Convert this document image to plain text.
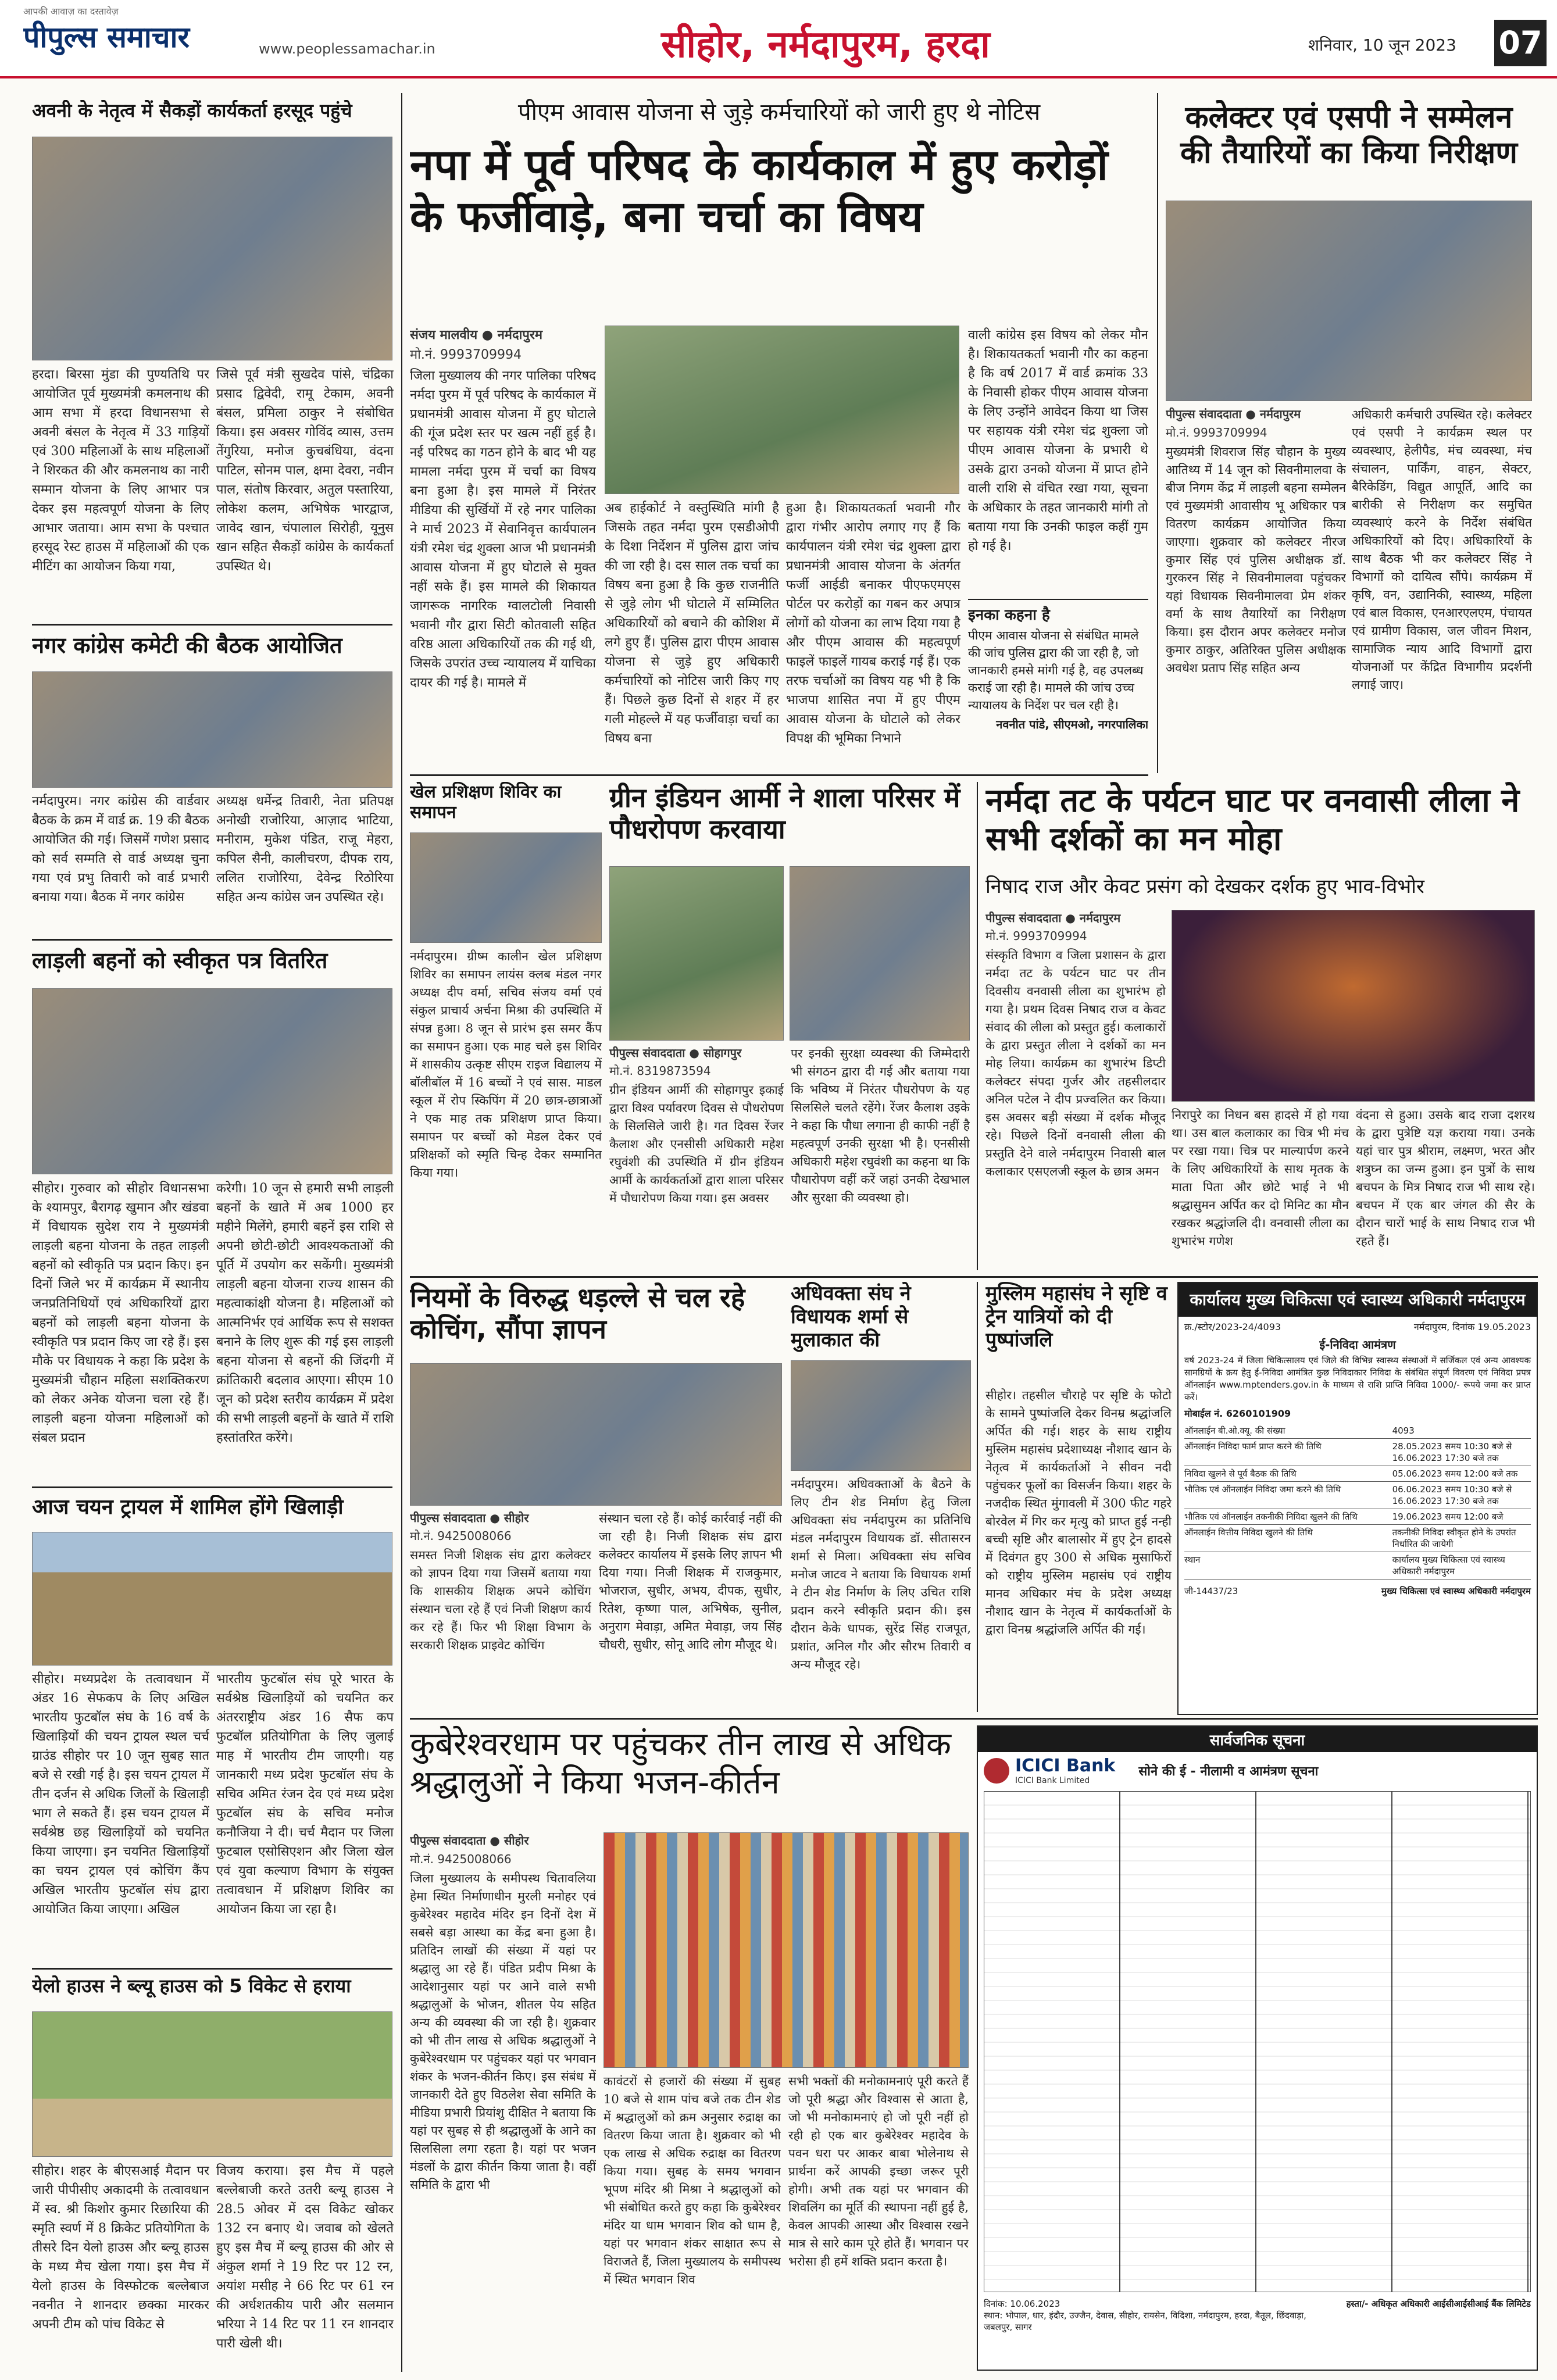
पीपुल्स समाचार
आपकी आवाज़ का दस्तावेज़
www.peoplessamachar.in	सीहोर, नर्मदापुरम, हरदा	शनिवार, 10 जून 2023	07
अवनी के नेतृत्व में सैकड़ों कार्यकर्ता हरसूद पहुंचे
हरदा। बिरसा मुंडा की पुण्यतिथि पर आयोजित पूर्व मुख्यमंत्री कमलनाथ की आम सभा में हरदा विधानसभा से अवनी बंसल के नेतृत्व में 33 गाड़ियों एवं 300 महिलाओं के साथ महिलाओं ने शिरकत की और कमलनाथ का नारी सम्मान योजना के लिए आभार पत्र देकर इस महत्वपूर्ण योजना के लिए आभार जताया। आम सभा के पश्चात हरसूद रेस्ट हाउस में महिलाओं की एक मीटिंग का आयोजन किया गया,
जिसे पूर्व मंत्री सुखदेव पांसे, चंद्रिका प्रसाद द्विवेदी, रामू टेकाम, अवनी बंसल, प्रमिला ठाकुर ने संबोधित किया। इस अवसर गोविंद व्यास, उत्तम तेंगुरिया, मनोज कुचबंधिया, वंदना पाटिल, सोनम पाल, क्षमा देवरा, नवीन पाल, संतोष किरवार, अतुल पस्तारिया, लोकेश कलम, अभिषेक भारद्वाज, जावेद खान, चंपालाल सिरोही, यूनुस खान सहित सैकड़ों कांग्रेस के कार्यकर्ता उपस्थित थे।
नगर कांग्रेस कमेटी की बैठक आयोजित
नर्मदापुरम। नगर कांग्रेस की वार्डवार बैठक के क्रम में वार्ड क्र. 19 की बैठक आयोजित की गई। जिसमें गणेश प्रसाद को सर्व सम्मति से वार्ड अध्यक्ष चुना गया एवं प्रभु तिवारी को वार्ड प्रभारी बनाया गया। बैठक में नगर कांग्रेस
अध्यक्ष धर्मेन्द्र तिवारी, नेता प्रतिपक्ष अनोखी राजोरिया, आज़ाद भाटिया, मनीराम, मुकेश पंडित, राजू मेहरा, कपिल सैनी, कालीचरण, दीपक राय, ललित राजोरिया, देवेन्द्र रिठोरिया सहित अन्य कांग्रेस जन उपस्थित रहे।
लाड़ली बहनों को स्वीकृत पत्र वितरित
सीहोर। गुरुवार को सीहोर विधानसभा के श्यामपुर, बैरागढ़ खुमान और खंडवा में विधायक सुदेश राय ने मुख्यमंत्री लाड़ली बहना योजना के तहत लाड़ली बहनों को स्वीकृति पत्र प्रदान किए। इन दिनों जिले भर में कार्यक्रम में स्थानीय जनप्रतिनिधियों एवं अधिकारियों द्वारा बहनों को लाड़ली बहना योजना के स्वीकृति पत्र प्रदान किए जा रहे हैं। इस मौके पर विधायक ने कहा कि प्रदेश के मुख्यमंत्री चौहान महिला सशक्तिकरण को लेकर अनेक योजना चला रहे हैं। लाड़ली बहना योजना महिलाओं को संबल प्रदान
करेगी। 10 जून से हमारी सभी लाड़ली बहनों के खाते में अब 1000 हर महीने मिलेंगे, हमारी बहनें इस राशि से अपनी छोटी-छोटी आवश्यकताओं की पूर्ति में उपयोग कर सकेंगी। मुख्यमंत्री लाड़ली बहना योजना राज्य शासन की महत्वाकांक्षी योजना है। महिलाओं को आत्मनिर्भर एवं आर्थिक रूप से सशक्त बनाने के लिए शुरू की गई इस लाड़ली बहना योजना से बहनों की जिंदगी में क्रांतिकारी बदलाव आएगा। सीएम 10 जून को प्रदेश स्तरीय कार्यक्रम में प्रदेश की सभी लाड़ली बहनों के खाते में राशि हस्तांतरित करेंगे।
आज चयन ट्रायल में शामिल होंगे खिलाड़ी
सीहोर। मध्यप्रदेश के तत्वावधान में अंडर 16 सेफकप के लिए अखिल भारतीय फुटबॉल संघ के 16 वर्ष के खिलाड़ियों की चयन ट्रायल स्थल चर्च ग्राउंड सीहोर पर 10 जून सुबह सात बजे से रखी गई है। इस चयन ट्रायल में तीन दर्जन से अधिक जिलों के खिलाड़ी भाग ले सकते हैं। इस चयन ट्रायल में सर्वश्रेष्ठ छह खिलाड़ियों को चयनित किया जाएगा। इन चयनित खिलाड़ियों का चयन ट्रायल एवं कोचिंग कैंप अखिल भारतीय फुटबॉल संघ द्वारा आयोजित किया जाएगा। अखिल
भारतीय फुटबॉल संघ पूरे भारत के सर्वश्रेष्ठ खिलाड़ियों को चयनित कर अंतरराष्ट्रीय अंडर 16 सैफ कप फुटबॉल प्रतियोगिता के लिए जुलाई माह में भारतीय टीम जाएगी। यह जानकारी मध्य प्रदेश फुटबॉल संघ के सचिव अमित रंजन देव एवं मध्य प्रदेश फुटबॉल संघ के सचिव मनोज कनौजिया ने दी। चर्च मैदान पर जिला फुटबाल एसोसिएशन और जिला खेल एवं युवा कल्याण विभाग के संयुक्त तत्वावधान में प्रशिक्षण शिविर का आयोजन किया जा रहा है।
येलो हाउस ने ब्ल्यू हाउस को 5 विकेट से हराया
सीहोर। शहर के बीएसआई मैदान पर जारी पीपीसीए अकादमी के तत्वावधान में स्व. श्री किशोर कुमार रिछारिया की स्मृति स्वर्ण में 8 क्रिकेट प्रतियोगिता के तीसरे दिन येलो हाउस और ब्ल्यू हाउस के मध्य मैच खेला गया। इस मैच में येलो हाउस के विस्फोटक बल्लेबाज नवनीत ने शानदार छक्का मारकर अपनी टीम को पांच विकेट से
विजय कराया। इस मैच में पहले बल्लेबाजी करते उतरी ब्ल्यू हाउस ने 28.5 ओवर में दस विकेट खोकर 132 रन बनाए थे। जवाब को खेलते हुए इस मैच में ब्ल्यू हाउस की ओर से अंकुल शर्मा ने 19 रिट पर 12 रन, अयांश मसीह ने 66 रिट पर 61 रन की अर्धशतकीय पारी और सलमान भरिया ने 14 रिट पर 11 रन शानदार पारी खेली थी।
पीएम आवास योजना से जुड़े कर्मचारियों को जारी हुए थे नोटिस
नपा में पूर्व परिषद के कार्यकाल में हुए करोड़ों के फर्जीवाड़े, बना चर्चा का विषय
संजय मालवीय ● नर्मदापुरम
मो.नं. 9993709994
जिला मुख्यालय की नगर पालिका परिषद नर्मदा पुरम में पूर्व परिषद के कार्यकाल में प्रधानमंत्री आवास योजना में हुए घोटाले की गूंज प्रदेश स्तर पर खत्म नहीं हुई है। नई परिषद का गठन होने के बाद भी यह मामला नर्मदा पुरम में चर्चा का विषय बना हुआ है। इस मामले में निरंतर मीडिया की सुर्खियों में रहे नगर पालिका ने मार्च 2023 में सेवानिवृत्त कार्यपालन यंत्री रमेश चंद्र शुक्ला आज भी प्रधानमंत्री आवास योजना में हुए घोटाले से मुक्त नहीं सके हैं। इस मामले की शिकायत जागरूक नागरिक ग्वालटोली निवासी भवानी गौर द्वारा सिटी कोतवाली सहित वरिष्ठ आला अधिकारियों तक की गई थी, जिसके उपरांत उच्च न्यायालय में याचिका दायर की गई है। मामले में
अब हाईकोर्ट ने वस्तुस्थिति मांगी है जिसके तहत नर्मदा पुरम एसडीओपी के दिशा निर्देशन में पुलिस द्वारा जांच की जा रही है। दस साल तक चर्चा का विषय बना हुआ है कि कुछ राजनीति से जुड़े लोग भी घोटाले में सम्मिलित अधिकारियों को बचाने की कोशिश में लगे हुए हैं। पुलिस द्वारा पीएम आवास योजना से जुड़े हुए अधिकारी कर्मचारियों को नोटिस जारी किए गए हैं। पिछले कुछ दिनों से शहर में हर गली मोहल्ले में यह फर्जीवाड़ा चर्चा का विषय बना
हुआ है। शिकायतकर्ता भवानी गौर द्वारा गंभीर आरोप लगाए गए हैं कि कार्यपालन यंत्री रमेश चंद्र शुक्ला द्वारा प्रधानमंत्री आवास योजना के अंतर्गत फर्जी आईडी बनाकर पीएफएमएस पोर्टल पर करोड़ों का गबन कर अपात्र लोगों को योजना का लाभ दिया गया है और पीएम आवास की महत्वपूर्ण फाइलें फाइलें गायब कराई गई हैं। एक तरफ चर्चाओं का विषय यह भी है कि भाजपा शासित नपा में हुए पीएम आवास योजना के घोटाले को लेकर विपक्ष की भूमिका निभाने
वाली कांग्रेस इस विषय को लेकर मौन है। शिकायतकर्ता भवानी गौर का कहना है कि वर्ष 2017 में वार्ड क्रमांक 33 के निवासी होकर पीएम आवास योजना के लिए उन्होंने आवेदन किया था जिस पर सहायक यंत्री रमेश चंद्र शुक्ला जो पीएम आवास योजना के प्रभारी थे उसके द्वारा उनको योजना में प्राप्त होने वाली राशि से वंचित रखा गया, सूचना के अधिकार के तहत जानकारी मांगी तो बताया गया कि उनकी फाइल कहीं गुम हो गई है।
इनका कहना है
पीएम आवास योजना से संबंधित मामले की जांच पुलिस द्वारा की जा रही है, जो जानकारी हमसे मांगी गई है, वह उपलब्ध कराई जा रही है। मामले की जांच उच्च न्यायालय के निर्देश पर चल रही है।
नवनीत पांडे, सीएमओ, नगरपालिका
कलेक्टर एवं एसपी ने सम्मेलन की तैयारियों का किया निरीक्षण
पीपुल्स संवाददाता ● नर्मदापुरम
मो.नं. 9993709994
मुख्यमंत्री शिवराज सिंह चौहान के मुख्य आतिथ्य में 14 जून को सिवनीमालवा के बीज निगम केंद्र में लाड़ली बहना सम्मेलन एवं मुख्यमंत्री आवासीय भू अधिकार पत्र वितरण कार्यक्रम आयोजित किया जाएगा। शुक्रवार को कलेक्टर नीरज कुमार सिंह एवं पुलिस अधीक्षक डॉ. गुरकरन सिंह ने सिवनीमालवा पहुंचकर यहां विधायक सिवनीमालवा प्रेम शंकर वर्मा के साथ तैयारियों का निरीक्षण किया। इस दौरान अपर कलेक्टर मनोज कुमार ठाकुर, अतिरिक्त पुलिस अधीक्षक अवधेश प्रताप सिंह सहित अन्य
अधिकारी कर्मचारी उपस्थित रहे। कलेक्टर एवं एसपी ने कार्यक्रम स्थल पर व्यवस्थाए, हेलीपैड, मंच व्यवस्था, मंच संचालन, पार्किंग, वाहन, सेक्टर, बैरिकेडिंग, विद्युत आपूर्ति, आदि का बारीकी से निरीक्षण कर समुचित व्यवस्थाएं करने के निर्देश संबंधित अधिकारियों को दिए। अधिकारियों के साथ बैठक भी कर कलेक्टर सिंह ने विभागों को दायित्व सौंपे। कार्यक्रम में कृषि, वन, उद्यानिकी, स्वास्थ्य, महिला एवं बाल विकास, एनआरएलएम, पंचायत एवं ग्रामीण विकास, जल जीवन मिशन, सामाजिक न्याय आदि विभागों द्वारा योजनाओं पर केंद्रित विभागीय प्रदर्शनी लगाई जाए।
खेल प्रशिक्षण शिविर का समापन
नर्मदापुरम। ग्रीष्म कालीन खेल प्रशिक्षण शिविर का समापन लायंस क्लब मंडल नगर अध्यक्ष दीप वर्मा, सचिव संजय वर्मा एवं संकुल प्राचार्य अर्चना मिश्रा की उपस्थिति में संपन्न हुआ। 8 जून से प्रारंभ इस समर कैंप का समापन हुआ। एक माह चले इस शिविर में शासकीय उत्कृष्ट सीएम राइज विद्यालय में बॉलीबॉल में 16 बच्चों ने एवं सास. माडल स्कूल में रोप स्किपिंग में 20 छात्र-छात्राओं ने एक माह तक प्रशिक्षण प्राप्त किया। समापन पर बच्चों को मेडल देकर एवं प्रशिक्षकों को स्मृति चिन्ह देकर सम्मानित किया गया।
ग्रीन इंडियन आर्मी ने शाला परिसर में पौधरोपण करवाया
पीपुल्स संवाददाता ● सोहागपुर
मो.नं. 8319873594
ग्रीन इंडियन आर्मी की सोहागपुर इकाई द्वारा विश्व पर्यावरण दिवस से पौधरोपण के सिलसिले जारी है। गत दिवस रेंजर कैलाश और एनसीसी अधिकारी महेश रघुवंशी की उपस्थिति में ग्रीन इंडियन आर्मी के कार्यकर्ताओं द्वारा शाला परिसर में पौधारोपण किया गया। इस अवसर
पर इनकी सुरक्षा व्यवस्था की जिम्मेदारी भी संगठन द्वारा दी गई और बताया गया कि भविष्य में निरंतर पौधरोपण के यह सिलसिले चलते रहेंगे। रेंजर कैलाश उइके ने कहा कि पौधा लगाना ही काफी नहीं है महत्वपूर्ण उनकी सुरक्षा भी है। एनसीसी अधिकारी महेश रघुवंशी का कहना था कि पौधारोपण वहीं करें जहां उनकी देखभाल और सुरक्षा की व्यवस्था हो।
नर्मदा तट के पर्यटन घाट पर वनवासी लीला ने सभी दर्शकों का मन मोहा
निषाद राज और केवट प्रसंग को देखकर दर्शक हुए भाव-विभोर
पीपुल्स संवाददाता ● नर्मदापुरम
मो.नं. 9993709994
संस्कृति विभाग व जिला प्रशासन के द्वारा नर्मदा तट के पर्यटन घाट पर तीन दिवसीय वनवासी लीला का शुभारंभ हो गया है। प्रथम दिवस निषाद राज व केवट संवाद की लीला को प्रस्तुत हुई। कलाकारों के द्वारा प्रस्तुत लीला ने दर्शकों का मन मोह लिया। कार्यक्रम का शुभारंभ डिप्टी कलेक्टर संपदा गुर्जर और तहसीलदार अनिल पटेल ने दीप प्रज्वलित कर किया। इस अवसर बड़ी संख्या में दर्शक मौजूद रहे। पिछले दिनों वनवासी लीला की प्रस्तुति देने वाले नर्मदापुरम निवासी बाल कलाकार एसएलजी स्कूल के छात्र अमन
निरापुरे का निधन बस हादसे में हो गया था। उस बाल कलाकार का चित्र भी मंच पर रखा गया। चित्र पर माल्यार्पण करने के लिए अधिकारियों के साथ मृतक के माता पिता और छोटे भाई ने भी श्रद्धासुमन अर्पित कर दो मिनिट का मौन रखकर श्रद्धांजलि दी। वनवासी लीला का शुभारंभ गणेश
वंदना से हुआ। उसके बाद राजा दशरथ के द्वारा पुत्रेष्टि यज्ञ कराया गया। उनके यहां चार पुत्र श्रीराम, लक्ष्मण, भरत और शत्रुघ्न का जन्म हुआ। इन पुत्रों के साथ बचपन के मित्र निषाद राज भी साथ रहे। बचपन में एक बार जंगल की सैर के दौरान चारों भाई के साथ निषाद राज भी रहते हैं।
नियमों के विरुद्ध धड़ल्ले से चल रहे कोचिंग, सौंपा ज्ञापन
पीपुल्स संवाददाता ● सीहोर
मो.नं. 9425008066
समस्त निजी शिक्षक संघ द्वारा कलेक्टर को ज्ञापन दिया गया जिसमें बताया गया कि शासकीय शिक्षक अपने कोचिंग संस्थान चला रहे हैं एवं निजी शिक्षण कार्य कर रहे हैं। फिर भी शिक्षा विभाग के सरकारी शिक्षक प्राइवेट कोचिंग
संस्थान चला रहे हैं। कोई कार्रवाई नहीं की जा रही है। निजी शिक्षक संघ द्वारा कलेक्टर कार्यालय में इसके लिए ज्ञापन भी दिया गया। निजी शिक्षक में राजकुमार, भोजराज, सुधीर, अभय, दीपक, सुधीर, रितेश, कृष्णा पाल, अभिषेक, सुनील, अनुराग मेवाड़ा, अमित मेवाड़ा, जय सिंह चौधरी, सुधीर, सोनू आदि लोग मौजूद थे।
अधिवक्ता संघ ने विधायक शर्मा से मुलाकात की
नर्मदापुरम। अधिवक्ताओं के बैठने के लिए टीन शेड निर्माण हेतु जिला अधिवक्ता संघ नर्मदापुरम का प्रतिनिधि मंडल नर्मदापुरम विधायक डॉ. सीतासरन शर्मा से मिला। अधिवक्ता संघ सचिव मनोज जाटव ने बताया कि विधायक शर्मा ने टीन शेड निर्माण के लिए उचित राशि प्रदान करने स्वीकृति प्रदान की। इस दौरान केके धापक, सुरेंद्र सिंह राजपूत, प्रशांत, अनिल गौर और सौरभ तिवारी व अन्य मौजूद रहे।
मुस्लिम महासंघ ने सृष्टि व ट्रेन यात्रियों को दी पुष्पांजलि
सीहोर। तहसील चौराहे पर सृष्टि के फोटो के सामने पुष्पांजलि देकर विनम्र श्रद्धांजलि अर्पित की गई। शहर के साथ राष्ट्रीय मुस्लिम महासंघ प्रदेशाध्यक्ष नौशाद खान के नेतृत्व में कार्यकर्ताओं ने सीवन नदी पहुंचकर फूलों का विसर्जन किया। शहर के नजदीक स्थित मुंगावली में 300 फीट गहरे बोरवेल में गिर कर मृत्यु को प्राप्त हुई नन्ही बच्ची सृष्टि और बालासोर में हुए ट्रेन हादसे में दिवंगत हुए 300 से अधिक मुसाफिरों को राष्ट्रीय मुस्लिम महासंघ एवं राष्ट्रीय मानव अधिकार मंच के प्रदेश अध्यक्ष नौशाद खान के नेतृत्व में कार्यकर्ताओं के द्वारा विनम्र श्रद्धांजलि अर्पित की गई।
कार्यालय मुख्य चिकित्सा एवं स्वास्थ्य अधिकारी नर्मदापुरम
क्र./स्टोर/2023-24/4093	नर्मदापुरम, दिनांक 19.05.2023
ई-निविदा आमंत्रण
वर्ष 2023-24 में जिला चिकित्सालय एवं जिले की विभिन्न स्वास्थ्य संस्थाओं में सर्जिकल एवं अन्य आवश्यक सामग्रियों के क्रय हेतु ई-निविदा आमंत्रित कुछ निविदाकार निविदा के संबंधित संपूर्ण विवरण एवं निविदा प्रपत्र ऑनलाईन www.mptenders.gov.in के माध्यम से राशि प्राप्ति निविदा 1000/- रूपये जमा कर प्राप्त करें।
मोबाईल नं. 6260101909
ऑनलाईन बी.ओ.क्यू. की संख्या	4093
ऑनलाईन निविदा फार्म प्राप्त करने की तिथि	28.05.2023 समय 10:30 बजे से 16.06.2023 17:30 बजे तक
निविदा खुलने से पूर्व बैठक की तिथि	05.06.2023 समय 12:00 बजे तक
भौतिक एवं ऑनलाईन निविदा जमा करने की तिथि	06.06.2023 समय 10:30 बजे से 16.06.2023 17:30 बजे तक
भौतिक एवं ऑनलाईन तकनीकी निविदा खुलने की तिथि	19.06.2023 समय 12:00 बजे
ऑनलाईन वित्तीय निविदा खुलने की तिथि	तकनीकी निविदा स्वीकृत होने के उपरांत निर्धारित की जायेगी
स्थान	कार्यालय मुख्य चिकित्सा एवं स्वास्थ्य अधिकारी नर्मदापुरम
जी-14437/23	मुख्य चिकित्सा एवं स्वास्थ्य अधिकारी नर्मदापुरम
कुबेरेश्वरधाम पर पहुंचकर तीन लाख से अधिक श्रद्धालुओं ने किया भजन-कीर्तन
पीपुल्स संवाददाता ● सीहोर
मो.नं. 9425008066
जिला मुख्यालय के समीपस्थ चितावलिया हेमा स्थित निर्माणाधीन मुरली मनोहर एवं कुबेरेश्वर महादेव मंदिर इन दिनों देश में सबसे बड़ा आस्था का केंद्र बना हुआ है। प्रतिदिन लाखों की संख्या में यहां पर श्रद्धालु आ रहे हैं। पंडित प्रदीप मिश्रा के आदेशानुसार यहां पर आने वाले सभी श्रद्धालुओं के भोजन, शीतल पेय सहित अन्य की व्यवस्था की जा रही है। शुक्रवार को भी तीन लाख से अधिक श्रद्धालुओं ने कुबेरेश्वरधाम पर पहुंचकर यहां पर भगवान शंकर के भजन-कीर्तन किए। इस संबंध में जानकारी देते हुए विठलेश सेवा समिति के मीडिया प्रभारी प्रियांशु दीक्षित ने बताया कि यहां पर सुबह से ही श्रद्धालुओं के आने का सिलसिला लगा रहता है। यहां पर भजन मंडलों के द्वारा कीर्तन किया जाता है। वहीं समिति के द्वारा भी
कावंटरों से हजारों की संख्या में सुबह 10 बजे से शाम पांच बजे तक टीन शेड में श्रद्धालुओं को क्रम अनुसार रुद्राक्ष का वितरण किया जाता है। शुक्रवार को भी एक लाख से अधिक रुद्राक्ष का वितरण किया गया। सुबह के समय भगवान भूपण मंदिर श्री मिश्रा ने श्रद्धालुओं को भी संबोधित करते हुए कहा कि कुबेरेश्वर मंदिर या धाम भगवान शिव को धाम है, यहां पर भगवान शंकर साक्षात रूप से विराजते हैं, जिला मुख्यालय के समीपस्थ में स्थित भगवान शिव
सभी भक्तों की मनोकामनाएं पूरी करते हैं जो पूरी श्रद्धा और विश्वास से आता है, जो भी मनोकामनाएं हो जो पूरी नहीं हो रही हो एक बार कुबेरेश्वर महादेव के पवन धरा पर आकर बाबा भोलेनाथ से प्रार्थना करें आपकी इच्छा जरूर पूरी होगी। अभी तक यहां पर भगवान की शिवलिंग का मूर्ति की स्थापना नहीं हुई है, केवल आपकी आस्था और विश्वास रखने मात्र से सारे काम पूरे होते हैं। भगवान पर भरोसा ही हमें शक्ति प्रदान करता है।
सार्वजनिक सूचना
ICICI Bank
ICICI Bank Limited
सोने की ई - नीलामी व आमंत्रण सूचना
दिनांक: 10.06.2023
स्थान: भोपाल, धार, इंदौर, उज्जैन, देवास, सीहोर, रायसेन, विदिशा, नर्मदापुरम, हरदा, बैतूल, छिंदवाड़ा, जबलपुर, सागर
हस्ता/- अधिकृत अधिकारी आईसीआईसीआई बैंक लिमिटेड
